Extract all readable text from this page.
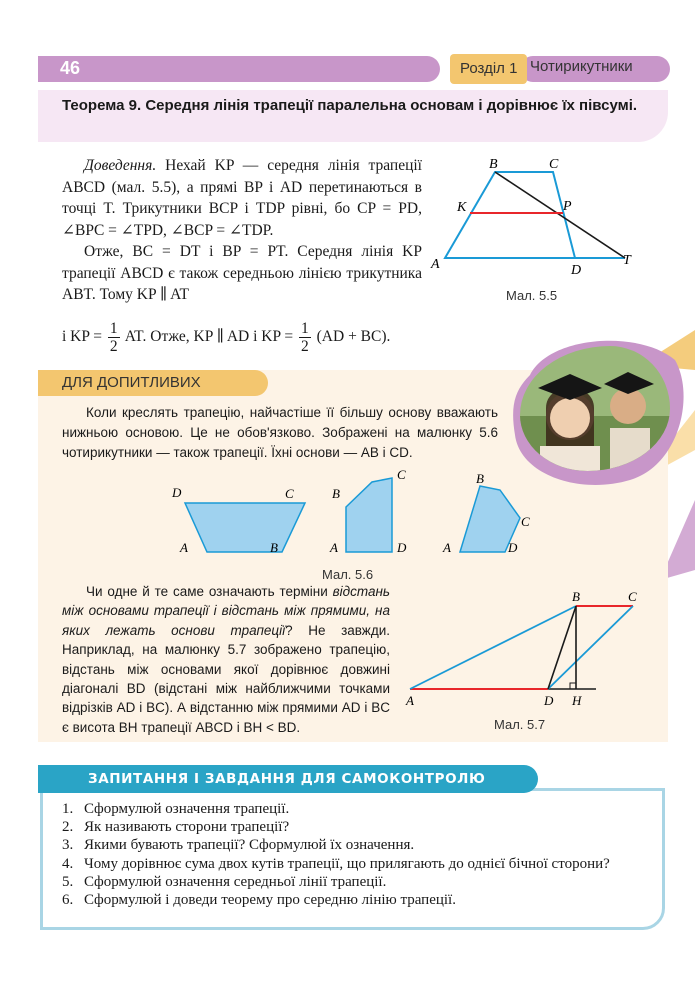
46	Розділ 1 Чотирикутники
Теорема 9. Середня лінія трапеції паралельна основам і дорівнює їх півсумі.

Доведення. Нехай KP — середня лінія трапеції ABCD (мал. 5.5), а прямі BP і AD перетинаються в точці T. Трикутники BCP і TDP рівні, бо CP = PD, ∠BPC = ∠TPD, ∠BCP = ∠TDP.

Отже, BC = DT і BP = PT. Середня лінія KP трапеції ABCD є також середньою лінією трикутника ABT. Тому KP ∥ AT

і KP = $\frac{1}{2}$ AT. Отже, KP ∥ AD і KP = $\frac{1}{2} (AD + BC)$.
B	C
K	P
A	D
T
Мал. 5.5
ДЛЯ ДОПИТЛИВИХ
Коли креслять трапецію, найчастіше її більшу основу вважають нижньою основою. Це не обов'язково. Зображені на малюнку 5.6 чотирикутники — також трапеції. Їхні основи — AB і CD.
D	C
A	B
C
B
A	D
B
C
A	D
Мал. 5.6
Чи одне й те саме означають терміни відстань між основами трапеції і відстань між прямими, на яких лежать основи трапеції? Не завжди. Наприклад, на малюнку 5.7 зображено трапецію, відстань між основами якої дорівнює довжині діагоналі BD (відстані між найближчими точками відрізків AD і BC). А відстанню між прямими AD і BC є висота BH трапеції ABCD і BH < BD.
B	C
A	D H
Мал. 5.7
ЗАПИТАННЯ І ЗАВДАННЯ ДЛЯ САМОКОНТРОЛЮ
1. Сформулюй означення трапеції.
2. Як називають сторони трапеції?
3. Якими бувають трапеції? Сформулюй їх означення.
4. Чому дорівнює сума двох кутів трапеції, що прилягають до однієї бічної сторони?
5. Сформулюй означення середньої лінії трапеції.
6. Сформулюй і доведи теорему про середню лінію трапеції.
